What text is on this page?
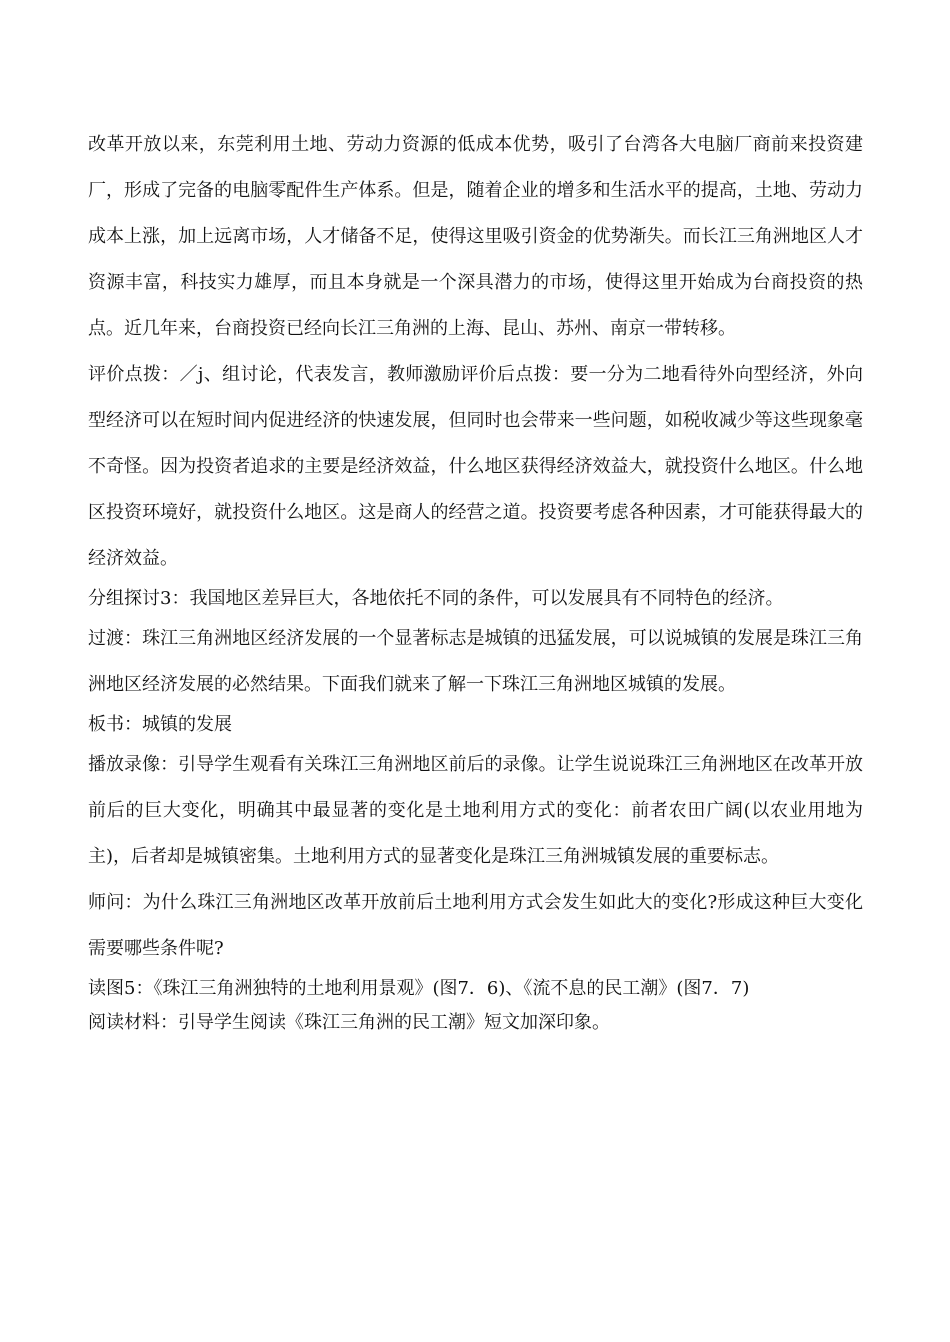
改革开放以来，东莞利用土地、劳动力资源的低成本优势，吸引了台湾各大电脑厂商前来投资建厂，形成了完备的电脑零配件生产体系。但是，随着企业的增多和生活水平的提高，土地、劳动力成本上涨，加上远离市场，人才储备不足，使得这里吸引资金的优势渐失。而长江三角洲地区人才资源丰富，科技实力雄厚，而且本身就是一个深具潜力的市场，使得这里开始成为台商投资的热点。近几年来，台商投资已经向长江三角洲的上海、昆山、苏州、南京一带转移。

评价点拨：／j、组讨论，代表发言，教师激励评价后点拨：要一分为二地看待外向型经济，外向型经济可以在短时间内促进经济的快速发展，但同时也会带来一些问题，如税收减少等这些现象毫不奇怪。因为投资者追求的主要是经济效益，什么地区获得经济效益大，就投资什么地区。什么地区投资环境好，就投资什么地区。这是商人的经营之道。投资要考虑各种因素，才可能获得最大的经济效益。

分组探讨3：我国地区差异巨大，各地依托不同的条件，可以发展具有不同特色的经济。

过渡：珠江三角洲地区经济发展的一个显著标志是城镇的迅猛发展，可以说城镇的发展是珠江三角洲地区经济发展的必然结果。下面我们就来了解一下珠江三角洲地区城镇的发展。

板书：城镇的发展

播放录像：引导学生观看有关珠江三角洲地区前后的录像。让学生说说珠江三角洲地区在改革开放前后的巨大变化，明确其中最显著的变化是土地利用方式的变化：前者农田广阔(以农业用地为主)，后者却是城镇密集。土地利用方式的显著变化是珠江三角洲城镇发展的重要标志。

师问：为什么珠江三角洲地区改革开放前后土地利用方式会发生如此大的变化?形成这种巨大变化需要哪些条件呢?

读图5：《珠江三角洲独特的土地利用景观》(图7．6)、《流不息的民工潮》(图7．7)

阅读材料：引导学生阅读《珠江三角洲的民工潮》短文加深印象。
